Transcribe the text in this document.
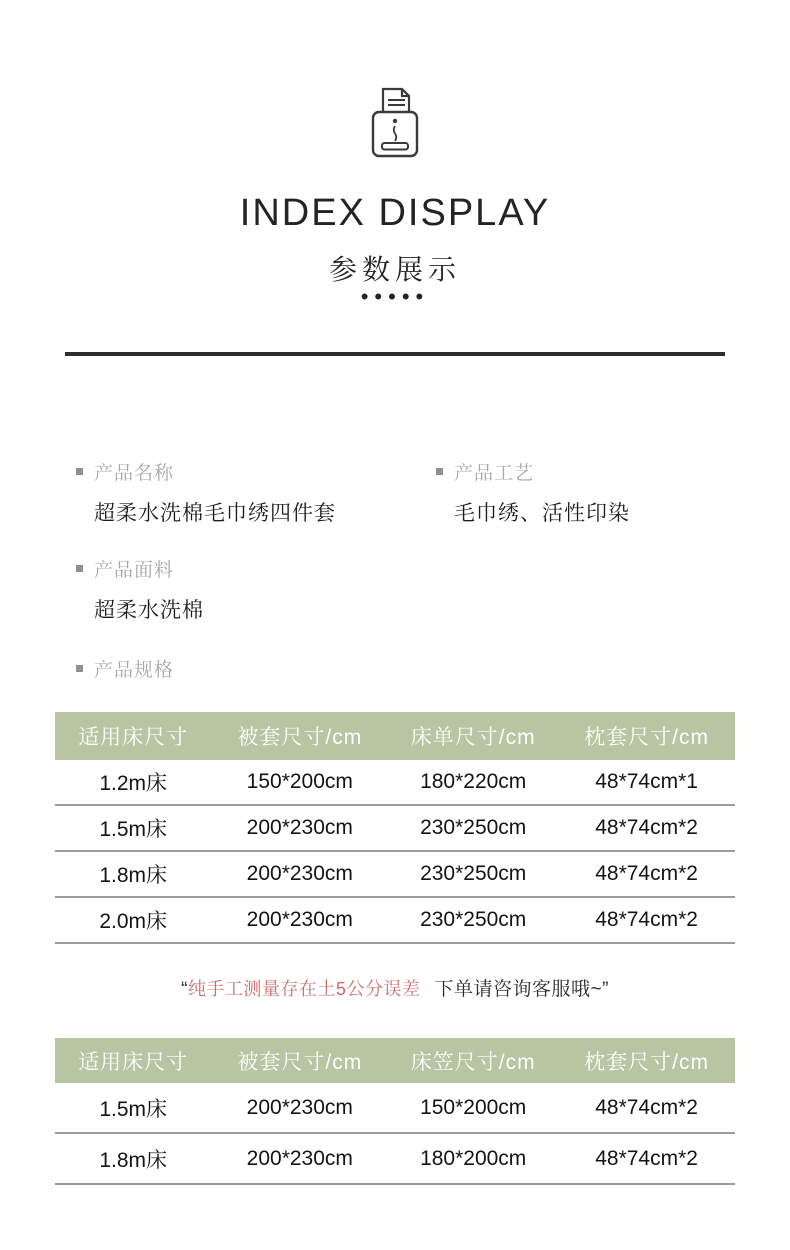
INDEX DISPLAY
参数展示
•••••
产品名称
超柔水洗棉毛巾绣四件套
产品工艺
毛巾绣、活性印染
产品面料
超柔水洗棉
产品规格
适用床尺寸	被套尺寸/cm	床单尺寸/cm	枕套尺寸/cm
1.2m床	150*200cm	180*220cm	48*74cm*1
1.5m床	200*230cm	230*250cm	48*74cm*2
1.8m床	200*230cm	230*250cm	48*74cm*2
2.0m床	200*230cm	230*250cm	48*74cm*2
“纯手工测量存在土5公分误差 下单请咨询客服哦~”
适用床尺寸	被套尺寸/cm	床笠尺寸/cm	枕套尺寸/cm
1.5m床	200*230cm	150*200cm	48*74cm*2
1.8m床	200*230cm	180*200cm	48*74cm*2
